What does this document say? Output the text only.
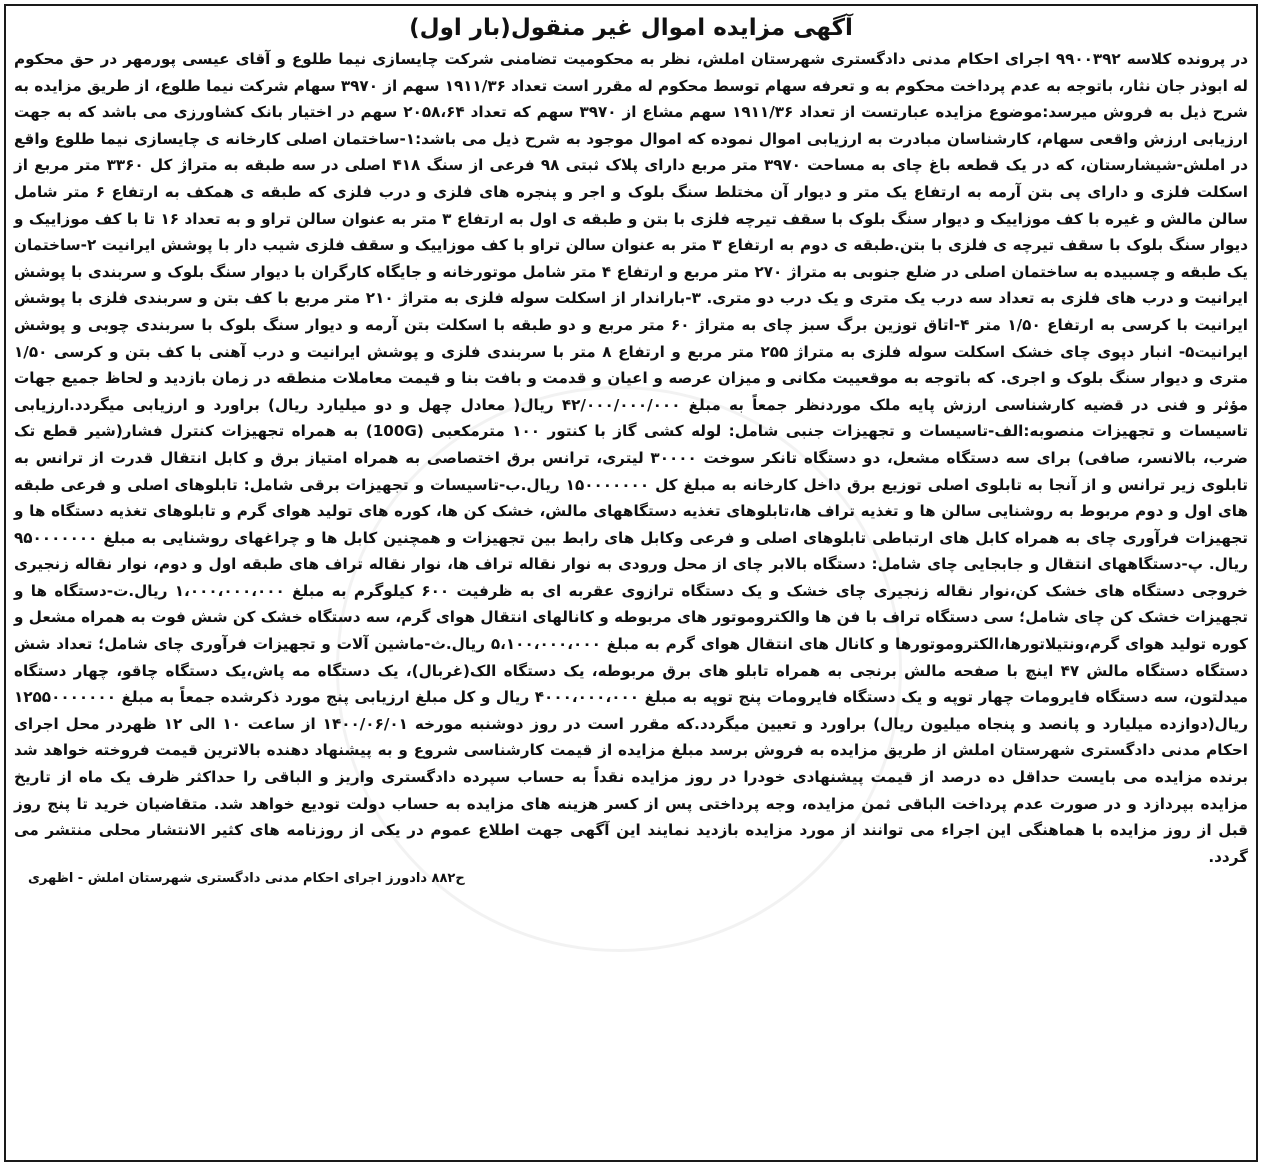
آگهی مزایده اموال غیر منقول(بار اول)

در پرونده کلاسه ۹۹۰۰۳۹۲ اجرای احکام مدنی دادگستری شهرستان املش، نظر به محکومیت تضامنی شرکت چایسازی نیما طلوع و آقای عیسی پورمهر در حق محکوم له ابوذر جان نثار، باتوجه به عدم پرداخت محکوم به و تعرفه سهام توسط محکوم له مقرر است تعداد ۱۹۱۱/۳۶ سهم از ۳۹۷۰ سهام شرکت نیما طلوع، از طریق مزایده به شرح ذیل به فروش میرسد:موضوع مزایده عبارتست از تعداد ۱۹۱۱/۳۶ سهم مشاع از ۳۹۷۰ سهم که تعداد ۲۰۵۸،۶۴ سهم در اختیار بانک کشاورزی می باشد که به جهت ارزیابی ارزش واقعی سهام، کارشناسان مبادرت به ارزیابی اموال نموده که اموال موجود به شرح ذیل می باشد:۱-ساختمان اصلی کارخانه ی چایسازی نیما طلوع واقع در املش-شیشارستان، که در یک قطعه باغ چای به مساحت ۳۹۷۰ متر مربع دارای پلاک ثبتی ۹۸ فرعی از سنگ ۴۱۸ اصلی در سه طبقه به متراژ کل ۳۳۶۰ متر مربع از اسکلت فلزی و دارای پی بتن آرمه به ارتفاع یک متر و دیوار آن مختلط سنگ بلوک و اجر و پنجره های فلزی و درب فلزی که طبقه ی همکف به ارتفاع ۶ متر شامل سالن مالش و غیره با کف موزاییک و دیوار سنگ بلوک با سقف تیرچه فلزی با بتن و طبقه ی اول به ارتفاع ۳ متر به عنوان سالن تراو و به تعداد ۱۶ تا با کف موزاییک و دیوار سنگ بلوک با سقف تیرچه ی فلزی با بتن.طبقه ی دوم به ارتفاع ۳ متر به عنوان سالن تراو با کف موزاییک و سقف فلزی شیب دار با پوشش ایرانیت ۲-ساختمان یک طبقه و چسبیده به ساختمان اصلی در ضلع جنوبی به متراژ ۲۷۰ متر مربع و ارتفاع ۴ متر شامل موتورخانه و جایگاه کارگران با دیوار سنگ بلوک و سربندی با پوشش ایرانیت و درب های فلزی به تعداد سه درب یک متری و یک درب دو متری. ۳-باراندار از اسکلت سوله فلزی به متراژ ۲۱۰ متر مربع با کف بتن و سربندی فلزی با پوشش ایرانیت با کرسی به ارتفاع ۱/۵۰ متر ۴-اتاق توزین برگ سبز چای به متراژ ۶۰ متر مربع و دو طبقه با اسکلت بتن آرمه و دیوار سنگ بلوک با سربندی چوبی و پوشش ایرانیت۵- انبار دپوی چای خشک اسکلت سوله فلزی به متراژ ۲۵۵ متر مربع و ارتفاع ۸ متر با سربندی فلزی و پوشش ایرانیت و درب آهنی با کف بتن و کرسی ۱/۵۰ متری و دیوار سنگ بلوک و اجری. که باتوجه به موقعییت مکانی و میزان عرصه و اعیان و قدمت و بافت بنا و قیمت معاملات منطقه در زمان بازدید و لحاظ جمیع جهات مؤثر و فنی در قضیه کارشناسی ارزش پایه ملک موردنظر جمعاً به مبلغ ۴۲/۰۰۰/۰۰۰/۰۰۰ ریال( معادل چهل و دو میلیارد ریال) براورد و ارزیابی میگردد.ارزیابی تاسیسات و تجهیزات منصوبه:الف-تاسیسات و تجهیزات جنبی شامل: لوله کشی گاز با کنتور ۱۰۰ مترمکعبی (100G) به همراه تجهیزات کنترل فشار(شیر قطع تک ضرب، بالانسر، صافی) برای سه دستگاه مشعل، دو دستگاه تانکر سوخت ۳۰۰۰۰ لیتری، ترانس برق اختصاصی به همراه امتیاز برق و کابل انتقال قدرت از ترانس به تابلوی زیر ترانس و از آنجا به تابلوی اصلی توزیع برق داخل کارخانه به مبلغ کل ۱۵۰۰۰۰۰۰۰ ریال.ب-تاسیسات و تجهیزات برقی شامل: تابلوهای اصلی و فرعی طبقه های اول و دوم مربوط به روشنایی سالن ها و تغذیه تراف ها،تابلوهای تغذیه دستگاههای مالش، خشک کن ها، کوره های تولید هوای گرم و تابلوهای تغذیه دستگاه ها و تجهیزات فرآوری چای به همراه کابل های ارتباطی تابلوهای اصلی و فرعی وکابل های رابط بین تجهیزات و همچنین کابل ها و چراغهای روشنایی به مبلغ ۹۵۰۰۰۰۰۰۰ ریال. پ-دستگاههای انتقال و جابجایی چای شامل: دستگاه بالابر چای از محل ورودی به نوار نقاله تراف ها، نوار نقاله تراف های طبقه اول و دوم، نوار نقاله زنجیری خروجی دستگاه های خشک کن،نوار نقاله زنجیری چای خشک و یک دستگاه ترازوی عقربه ای به ظرفیت ۶۰۰ کیلوگرم به مبلغ ۱،۰۰۰،۰۰۰،۰۰۰ ریال.ت-دستگاه ها و تجهیزات خشک کن چای شامل؛ سی دستگاه تراف با فن ها والکتروموتور های مربوطه و کانالهای انتقال هوای گرم، سه دستگاه خشک کن شش فوت به همراه مشعل و کوره تولید هوای گرم،ونتیلاتورها،الکتروموتورها و کانال های انتقال هوای گرم به مبلغ ۵،۱۰۰،۰۰۰،۰۰۰ ریال.ث-ماشین آلات و تجهیزات فرآوری چای شامل؛ تعداد شش دستگاه دستگاه مالش ۴۷ اینچ با صفحه مالش برنجی به همراه تابلو های برق مربوطه، یک دستگاه الک(غربال)، یک دستگاه مه پاش،یک دستگاه چاقو، چهار دستگاه میدلتون، سه دستگاه فایرومات چهار توپه و یک دستگاه فایرومات پنج توپه به مبلغ ۴۰۰۰،۰۰۰،۰۰۰ ریال و کل مبلغ ارزیابی پنج مورد ذکرشده جمعاً به مبلغ ۱۲۵۵۰۰۰۰۰۰۰ ریال(دوازده میلیارد و پانصد و پنجاه میلیون ریال) براورد و تعیین میگردد.که مقرر است در روز دوشنبه مورخه ۱۴۰۰/۰۶/۰۱ از ساعت ۱۰ الی ۱۲ ظهردر محل اجرای احکام مدنی دادگستری شهرستان املش از طریق مزایده به فروش برسد مبلغ مزایده از قیمت کارشناسی شروع و به پیشنهاد دهنده بالاترین قیمت فروخته خواهد شد برنده مزایده می بایست حداقل ده درصد از قیمت پیشنهادی خودرا در روز مزایده نقداً به حساب سپرده دادگستری واریز و الباقی را حداکثر ظرف یک ماه از تاریخ مزایده بپردازد و در صورت عدم پرداخت الباقی ثمن مزایده، وجه پرداختی پس از کسر هزینه های مزایده به حساب دولت تودیع خواهد شد. متقاضیان خرید تا پنج روز قبل از روز مزایده با هماهنگی این اجراء می توانند از مورد مزایده بازدید نمایند این آگهی جهت اطلاع عموم در یکی از روزنامه های کثیر الانتشار محلی منتشر می گردد.

ح۸۸۲ دادورز اجرای احکام مدنی دادگستری شهرستان املش - اظهری
